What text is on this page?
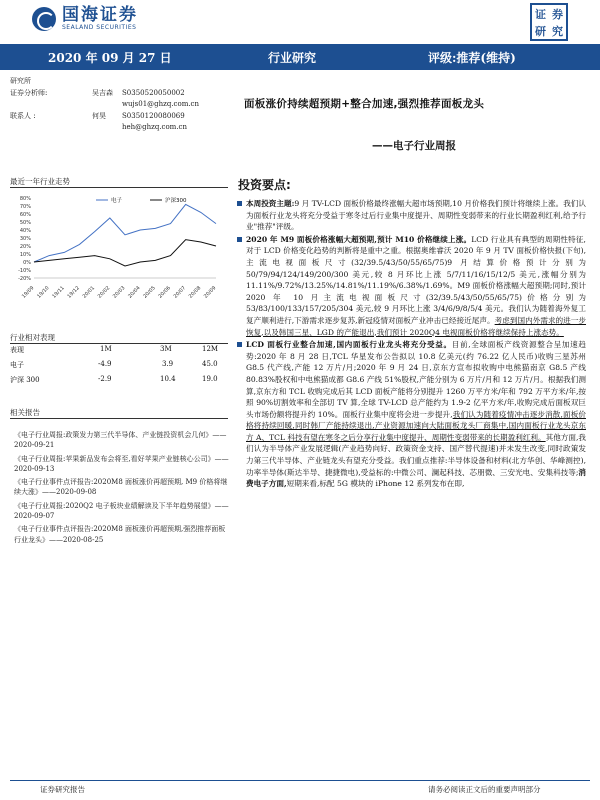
国海证券
SEALAND SECURITIES
证 券
研 究
2020 年 09 月 27 日	行业研究	评级:推荐(维持)
研究所
证券分析师:	吴吉森 S0350520050002
wujs01@ghzq.com.cn
联系人 :	何昊 S0350120080069
heh@ghzq.com.cn
面板涨价持续超预期+整合加速,强烈推荐面板龙头
——电子行业周报
最近一年行业走势
80%
70%
60%
50%
40%
30%
20%
10%
0%
-10%
-20%
19/09 19/10 19/11 19/12 20/01 20/02 20/03 20/04 20/05 20/06 20/07 20/08 20/09
电子	沪深300
行业相对表现
表现	1M	3M	12M
电子	-4.9	3.9	45.0
沪深 300	-2.9	10.4	19.0
相关报告

《电子行业周报:政策发力第三代半导体、产业链投资机会几何》——2020-09-21

《电子行业周报:苹果新品发布会将至,看好苹果产业链核心公司》——2020-09-13

《电子行业事件点评报告:2020M8 面板涨价再超预期, M9 价格将继续大涨》——2020-09-08

《电子行业周报:2020Q2 电子板块业绩解读及下半年趋势展望》——2020-09-07

《电子行业事件点评报告:2020M8 面板涨价再超预期,强烈推荐面板行业龙头》——2020-08-25

投资要点:
本周投资主题:9 月 TV-LCD 面板价格最终涨幅大超市场预期,10 月价格我们预计将继续上涨。我们认为面板行业龙头将充分受益于寒冬过后行业集中度提升、周期性变弱带来的行业长期盈利红利,给予行业"推荐"评级。
2020 年 M9 面板价格涨幅大超预期,预计 M10 价格继续上涨。LCD 行业具有典型的周期性特征,对于 LCD 价格变化趋势的判断将是重中之重。根据奥维睿沃 2020 年 9 月 TV 面板价格快报(下旬),主流电视面板尺寸(32/39.5/43/50/55/65/75)9 月结算价格预计分别为 50/79/94/124/149/200/300 美元,较 8 月环比上涨 5/7/11/16/15/12/5 美元,涨幅分别为 11.11%/9.72%/13.25%/14.81%/11.19%/6.38%/1.69%。M9 面板价格涨幅大超预期;同时,预计 2020 年 10 月主流电视面板尺寸(32/39.5/43/50/55/65/75)价格分别为 53/83/100/133/157/205/304 美元,较 9 月环比上涨 3/4/6/9/8/5/4 美元。我们认为随着海外复工复产顺利进行,下游需求逐步复苏,新冠疫情对面板产业冲击已经接近尾声。考虑到国内外需求的进一步恢复,以及韩国三星、LGD 的产能退出,我们预计 2020Q4 电视面板价格将继续保持上涨态势。
LCD 面板行业整合加速,国内面板行业龙头将充分受益。目前,全球面板产线资源整合呈加速趋势:2020 年 8 月 28 日,TCL 华星发布公告拟以 10.8 亿美元(约 76.22 亿人民币)收购三星苏州 G8.5 代产线,产能 12 万片/月;2020 年 9 月 24 日,京东方宣布拟收购中电熊猫南京 G8.5 产线 80.83%股权和中电熊猫成都 G8.6 产线 51%股权,产能分别为 6 万片/月和 12 万片/月。根据我们测算,京东方和 TCL 收购完成后其 LCD 面板产能将分别提升 1260 万平方米/年和 792 万平方米/年,按照 90%切割效率和全部切 TV 算,全球 TV-LCD 总产能约为 1.9-2 亿平方米/年,收购完成后面板双巨头市场份额将提升约 10%。面板行业集中度将会进一步提升,我们认为随着疫情冲击逐步消散,面板价格将持续回暖,同时韩厂产能持续退出,产业资源加速向大陆面板龙头厂商集中,国内面板行业龙头京东方 A、TCL 科技有望在寒冬之后分享行业集中度提升、周期性变弱带来的长期盈利红利。其他方面,我们认为半导体产业发展逻辑(产业趋势向好、政策资金支持、国产替代提速)并未发生改变,同时政策发力第三代半导体、产业链龙头有望充分受益。我们重点推荐:半导体设备和材料(北方华创、华峰测控),功率半导体(斯达半导、捷捷微电),受益标的:中微公司、澜起科技、芯朋微、三安光电、安集科技等;消费电子方面,短期来看,标配 5G 模块的 iPhone 12 系列发布在即,
证券研究报告	请务必阅读正文后的重要声明部分
